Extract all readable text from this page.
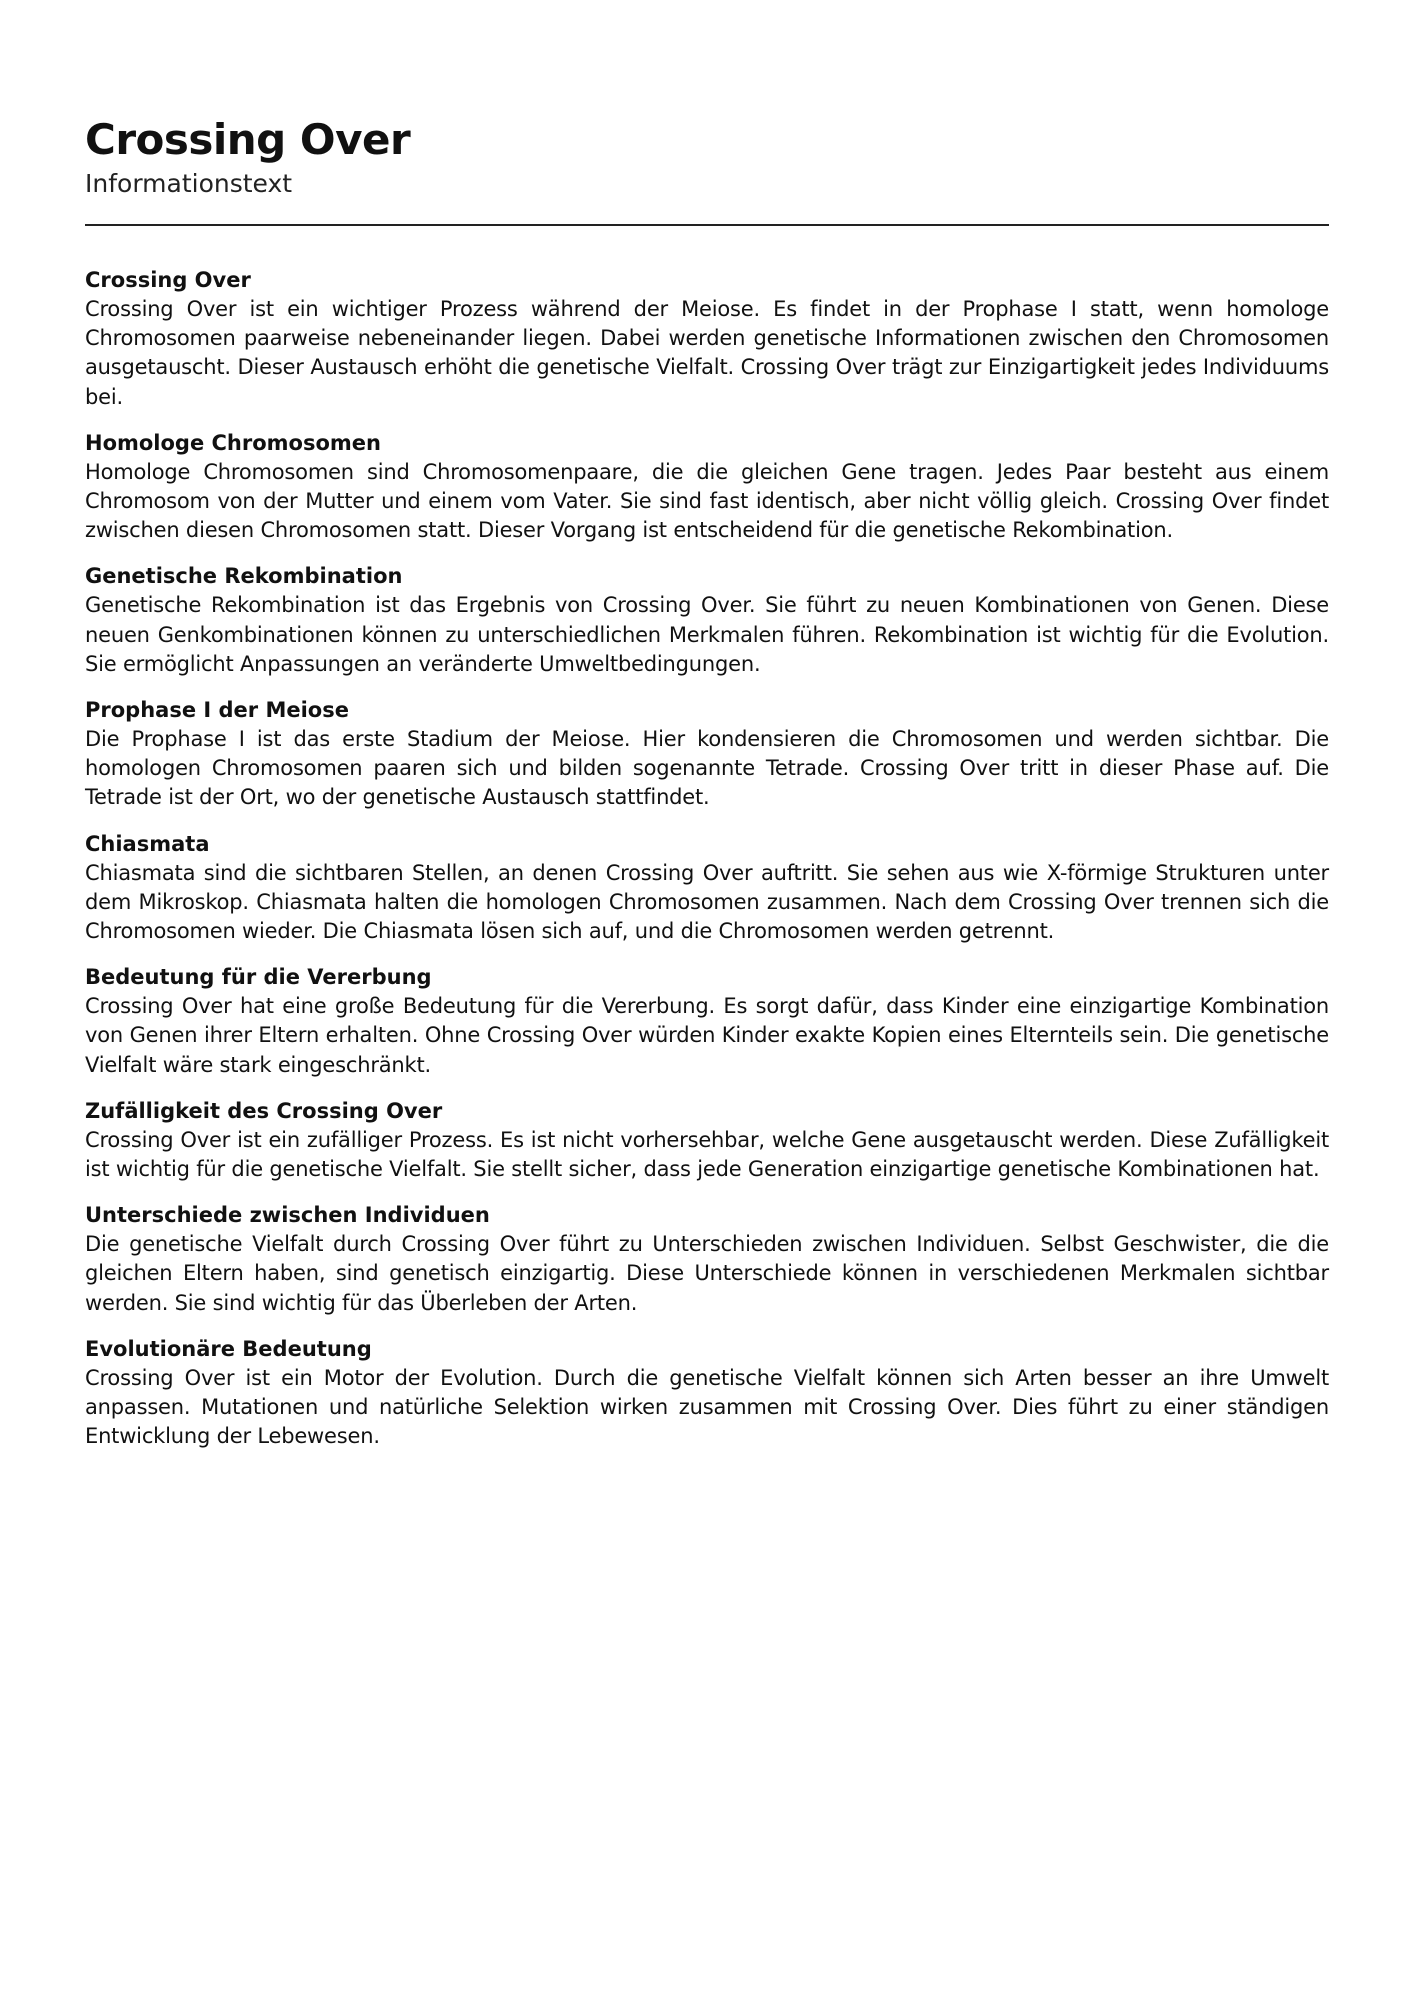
Crossing Over

Informationstext

Crossing Over

Crossing Over ist ein wichtiger Prozess während der Meiose. Es findet in der Prophase I statt, wenn homologe Chromosomen paarweise nebeneinander liegen. Dabei werden genetische Informationen zwischen den Chromosomen ausgetauscht. Dieser Austausch erhöht die genetische Vielfalt. Crossing Over trägt zur Einzigartigkeit jedes Individuums bei.

Homologe Chromosomen

Homologe Chromosomen sind Chromosomenpaare, die die gleichen Gene tragen. Jedes Paar besteht aus einem Chromosom von der Mutter und einem vom Vater. Sie sind fast identisch, aber nicht völlig gleich. Crossing Over findet zwischen diesen Chromosomen statt. Dieser Vorgang ist entscheidend für die genetische Rekombination.

Genetische Rekombination

Genetische Rekombination ist das Ergebnis von Crossing Over. Sie führt zu neuen Kombinationen von Genen. Diese neuen Genkombinationen können zu unterschiedlichen Merkmalen führen. Rekombination ist wichtig für die Evolution. Sie ermöglicht Anpassungen an veränderte Umweltbedingungen.

Prophase I der Meiose

Die Prophase I ist das erste Stadium der Meiose. Hier kondensieren die Chromosomen und werden sichtbar. Die homologen Chromosomen paaren sich und bilden sogenannte Tetrade. Crossing Over tritt in dieser Phase auf. Die Tetrade ist der Ort, wo der genetische Austausch stattfindet.

Chiasmata

Chiasmata sind die sichtbaren Stellen, an denen Crossing Over auftritt. Sie sehen aus wie X-förmige Strukturen unter dem Mikroskop. Chiasmata halten die homologen Chromosomen zusammen. Nach dem Crossing Over trennen sich die Chromosomen wieder. Die Chiasmata lösen sich auf, und die Chromosomen werden getrennt.

Bedeutung für die Vererbung

Crossing Over hat eine große Bedeutung für die Vererbung. Es sorgt dafür, dass Kinder eine einzigartige Kombination von Genen ihrer Eltern erhalten. Ohne Crossing Over würden Kinder exakte Kopien eines Elternteils sein. Die genetische Vielfalt wäre stark eingeschränkt.

Zufälligkeit des Crossing Over

Crossing Over ist ein zufälliger Prozess. Es ist nicht vorhersehbar, welche Gene ausgetauscht werden. Diese Zufälligkeit ist wichtig für die genetische Vielfalt. Sie stellt sicher, dass jede Generation einzigartige genetische Kombinationen hat.

Unterschiede zwischen Individuen

Die genetische Vielfalt durch Crossing Over führt zu Unterschieden zwischen Individuen. Selbst Geschwister, die die gleichen Eltern haben, sind genetisch einzigartig. Diese Unterschiede können in verschiedenen Merkmalen sichtbar werden. Sie sind wichtig für das Überleben der Arten.

Evolutionäre Bedeutung

Crossing Over ist ein Motor der Evolution. Durch die genetische Vielfalt können sich Arten besser an ihre Umwelt anpassen. Mutationen und natürliche Selektion wirken zusammen mit Crossing Over. Dies führt zu einer ständigen Entwicklung der Lebewesen.
